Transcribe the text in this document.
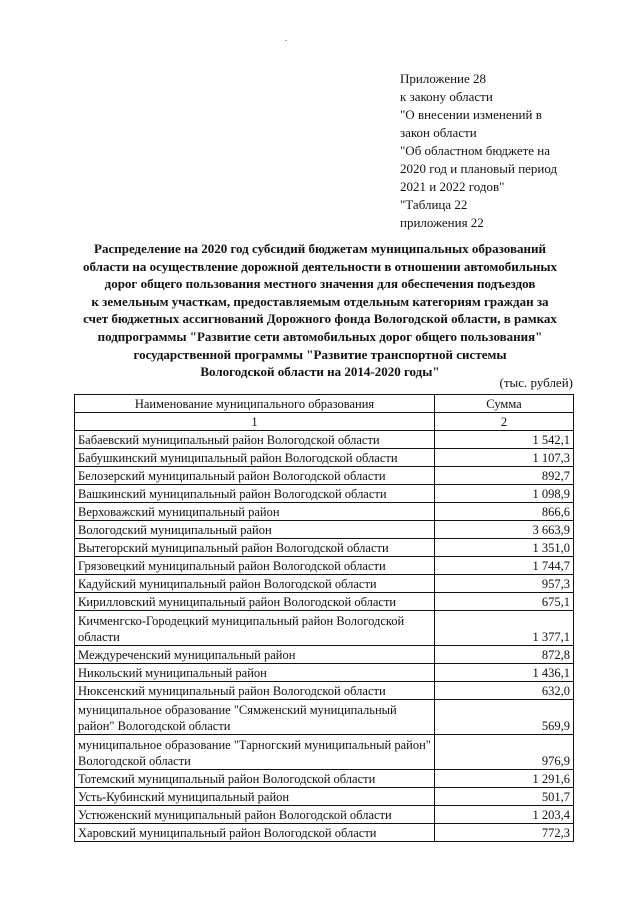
Приложение 28
к закону области
"О внесении изменений в
закон области
"Об областном бюджете на
2020 год и плановый период
2021 и 2022 годов"
"Таблица 22
приложения 22
Распределение на 2020 год субсидий бюджетам муниципальных образований
области на осуществление дорожной деятельности в отношении автомобильных
дорог общего пользования местного значения для обеспечения подъездов
к земельным участкам, предоставляемым отдельным категориям граждан за
счет бюджетных ассигнований Дорожного фонда Вологодской области, в рамках
подпрограммы "Развитие сети автомобильных дорог общего пользования"
государственной программы "Развитие транспортной системы
Вологодской области на 2014-2020 годы"
(тыс. рублей)
Наименование муниципального образования	Сумма
1	2
Бабаевский муниципальный район Вологодской области	1 542,1
Бабушкинский муниципальный район Вологодской области	1 107,3
Белозерский муниципальный район Вологодской области	892,7
Вашкинский муниципальный район Вологодской области	1 098,9
Верховажский муниципальный район	866,6
Вологодский муниципальный район	3 663,9
Вытегорский муниципальный район Вологодской области	1 351,0
Грязовецкий муниципальный район Вологодской области	1 744,7
Кадуйский муниципальный район Вологодской области	957,3
Кирилловский муниципальный район Вологодской области	675,1
Кичменгско-Городецкий муниципальный район Вологодской области	1 377,1
Междуреченский муниципальный район	872,8
Никольский муниципальный район	1 436,1
Нюксенский муниципальный район Вологодской области	632,0
муниципальное образование "Сямженский муниципальный район" Вологодской области	569,9
муниципальное образование "Тарногский муниципальный район" Вологодской области	976,9
Тотемский муниципальный район Вологодской области	1 291,6
Усть-Кубинский муниципальный район	501,7
Устюженский муниципальный район Вологодской области	1 203,4
Харовский муниципальный район Вологодской области	772,3
